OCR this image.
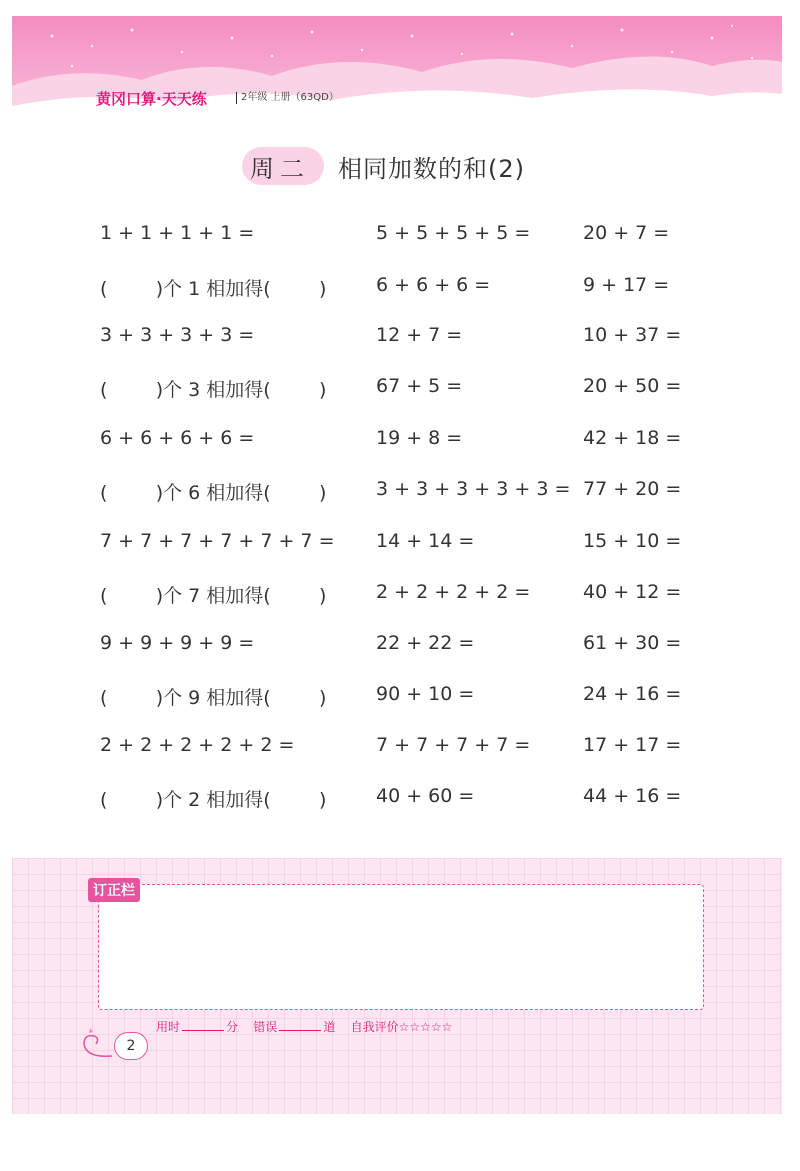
黄冈口算·天天练	2年级 上册（63QD）
周二 相同加数的和(2)
1 + 1 + 1 + 1 =	5 + 5 + 5 + 5 =	20 + 7 =
(        )个 1 相加得(        )	6 + 6 + 6 =	9 + 17 =
3 + 3 + 3 + 3 =	12 + 7 =	10 + 37 =
(        )个 3 相加得(        )	67 + 5 =	20 + 50 =
6 + 6 + 6 + 6 =	19 + 8 =	42 + 18 =
(        )个 6 相加得(        )	3 + 3 + 3 + 3 + 3 = 77 + 20 =
7 + 7 + 7 + 7 + 7 + 7 = 14 + 14 =	15 + 10 =
(        )个 7 相加得(        )	2 + 2 + 2 + 2 =	40 + 12 =
9 + 9 + 9 + 9 =	22 + 22 =	61 + 30 =
(        )个 9 相加得(        )	90 + 10 =	24 + 16 =
2 + 2 + 2 + 2 + 2 =	7 + 7 + 7 + 7 =	17 + 17 =
(        )个 2 相加得(        )	40 + 60 =	44 + 16 =
订正栏
2
用时	分 错误	道 自我评价☆☆☆☆☆
